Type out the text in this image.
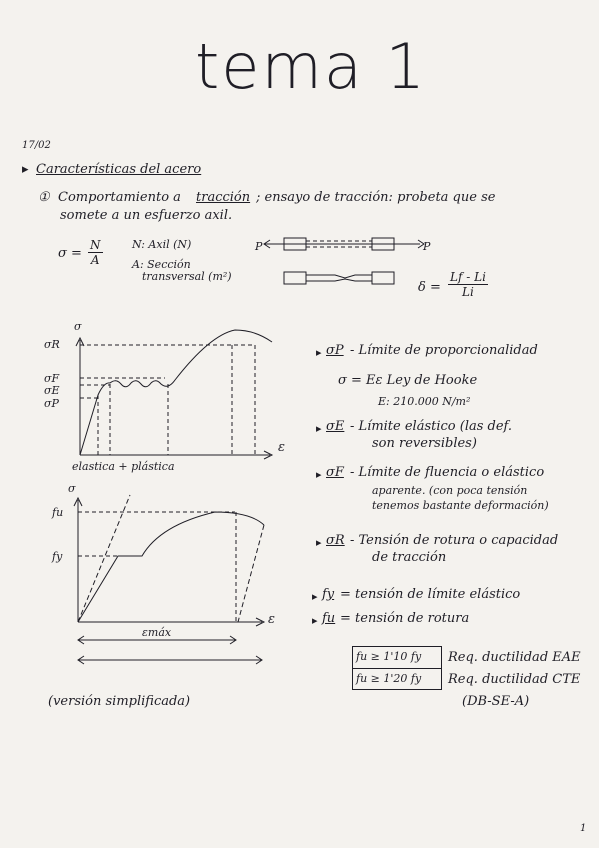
tema 1
17/02
▸ Características del acero
① Comportamiento a tracción ; ensayo de tracción: probeta que se
somete a un esfuerzo axil.
$\sigma = \frac{N}{A}$	N: Axil (N)
A: Sección
transversal (m²)
P	P
$\delta = \frac{Lf - Li}{Li}$
σ
σR
σF
σE
σP
ε
elastica + plástica
σ
fu
fy
ε
εmáx
(versión simplificada)
▸ σP - Límite de proporcionalidad
σ = Eε Ley de Hooke
E: 210.000 N/m²
▸ σE - Límite elástico (las def.
son reversibles)
▸ σF - Límite de fluencia o elástico
aparente. (con poca tensión
tenemos bastante deformación)
▸ σR - Tensión de rotura o capacidad
de tracción
▸ fy = tensión de límite elástico
▸ fu = tensión de rotura
fu ≥ 1'10 fy Req. ductilidad EAE
fu ≥ 1'20 fy Req. ductilidad CTE
(DB-SE-A)
1
